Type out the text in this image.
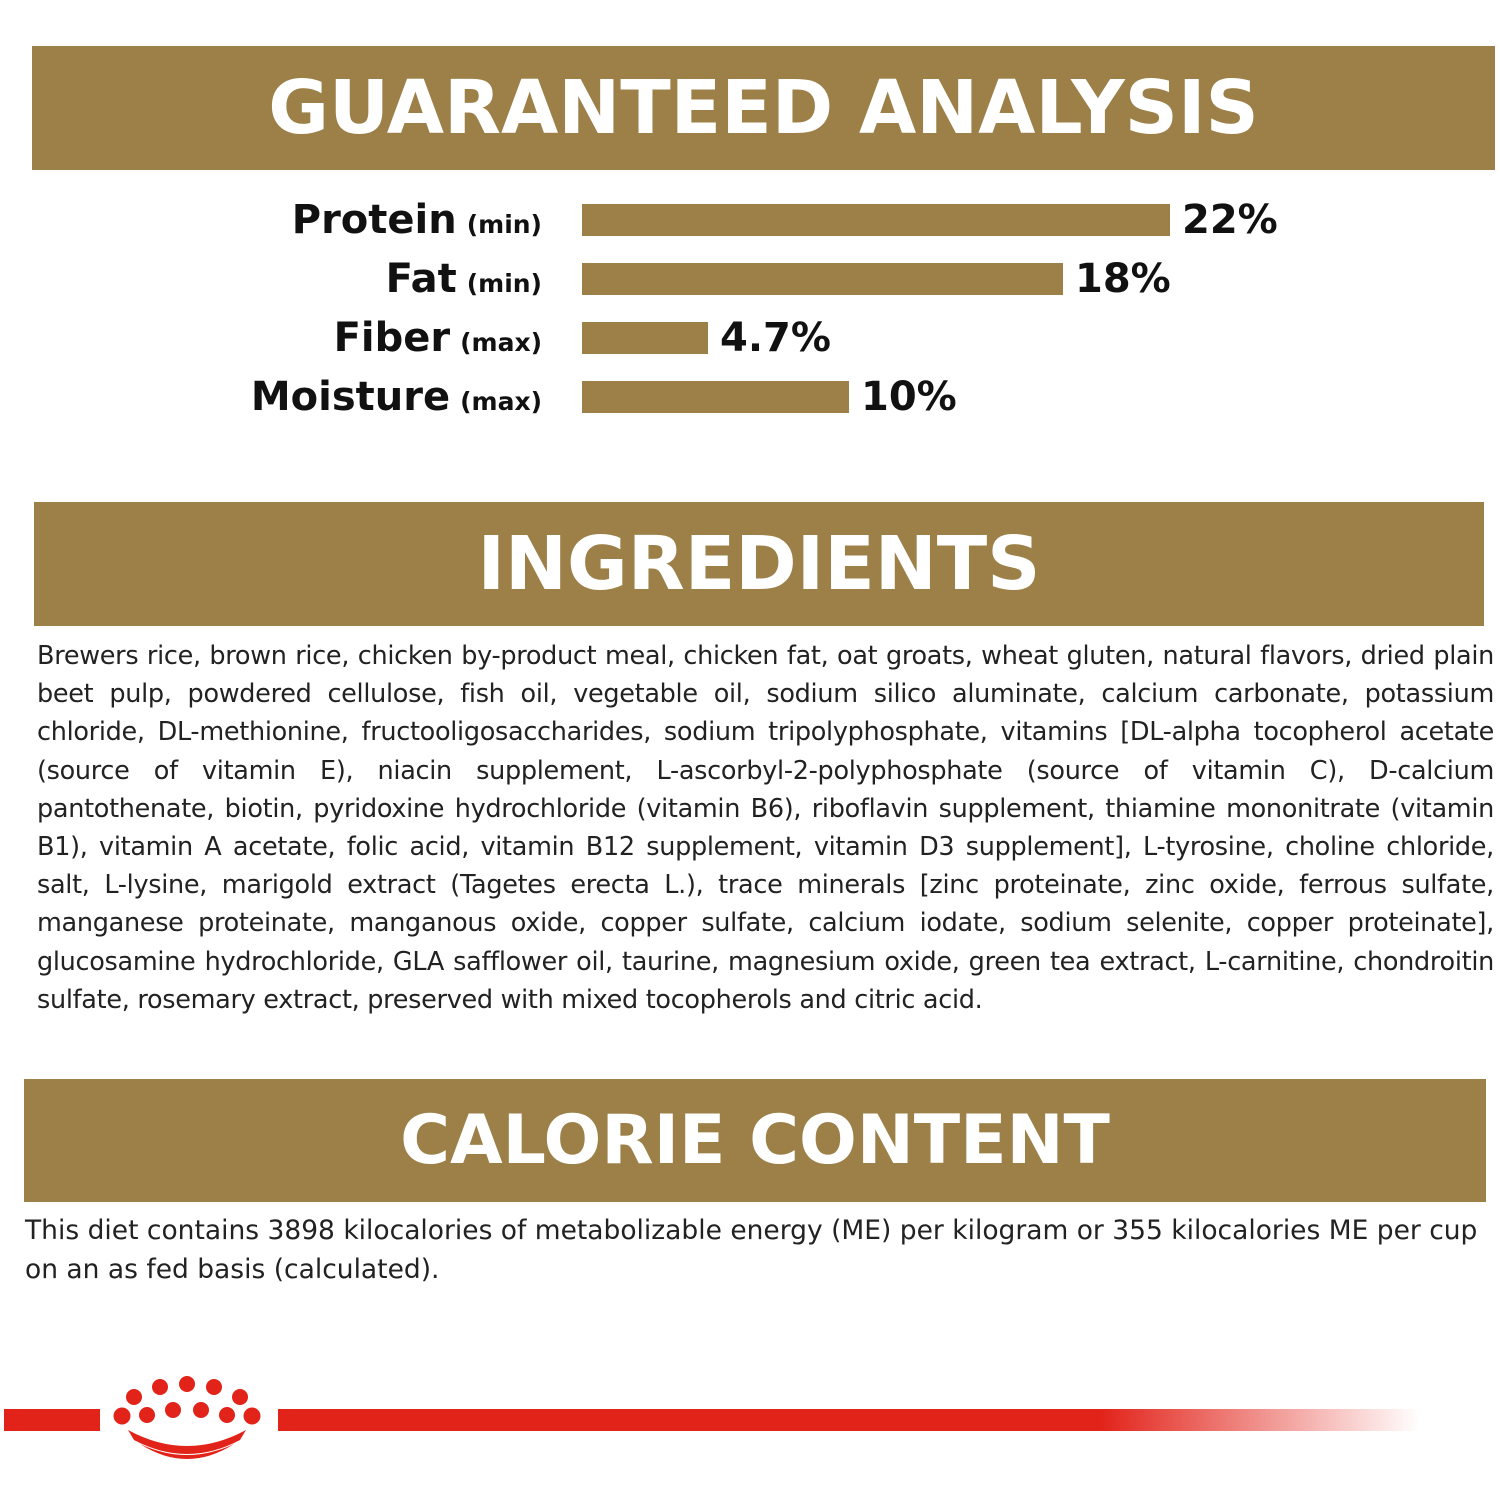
GUARANTEED ANALYSIS
Protein (min)	22%
Fat (min)	18%
Fiber (max)	4.7%
Moisture (max)	10%
INGREDIENTS

Brewers rice, brown rice, chicken by-product meal, chicken fat, oat groats, wheat gluten, natural flavors, dried plain beet pulp, powdered cellulose, fish oil, vegetable oil, sodium silico aluminate, calcium carbonate, potassium chloride, DL-methionine, fructooligosaccharides, sodium tripolyphosphate, vitamins [DL-alpha tocopherol acetate (source of vitamin E), niacin supplement, L-ascorbyl-2-polyphosphate (source of vitamin C), D-calcium pantothenate, biotin, pyridoxine hydrochloride (vitamin B6), riboflavin supplement, thiamine mononitrate (vitamin B1), vitamin A acetate, folic acid, vitamin B12 supplement, vitamin D3 supplement], L-tyrosine, choline chloride, salt, L-lysine, marigold extract (Tagetes erecta L.), trace minerals [zinc proteinate, zinc oxide, ferrous sulfate, manganese proteinate, manganous oxide, copper sulfate, calcium iodate, sodium selenite, copper proteinate], glucosamine hydrochloride, GLA safflower oil, taurine, magnesium oxide, green tea extract, L-carnitine, chondroitin sulfate, rosemary extract, preserved with mixed tocopherols and citric acid.

CALORIE CONTENT

This diet contains 3898 kilocalories of metabolizable energy (ME) per kilogram or 355 kilocalories ME per cup on an as fed basis (calculated).
